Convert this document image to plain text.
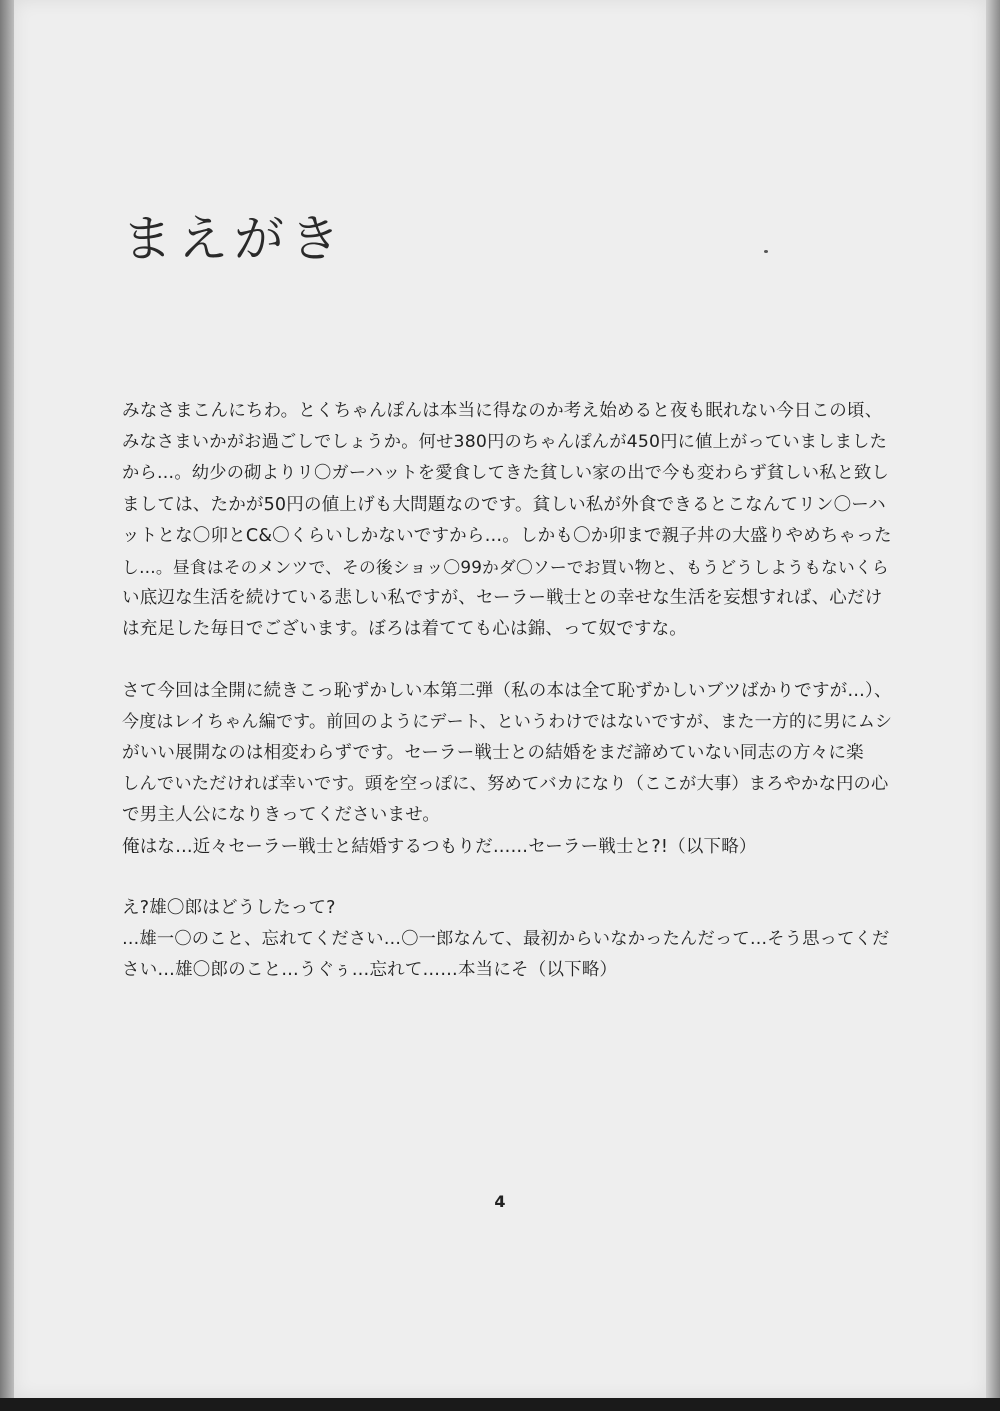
まえがき

みなさまこんにちわ。とくちゃんぽんは本当に得なのか考え始めると夜も眠れない今日この頃、
みなさまいかがお過ごしでしょうか。何せ380円のちゃんぽんが450円に値上がっていましました
から…。幼少の砌よりリ〇ガーハットを愛食してきた貧しい家の出で今も変わらず貧しい私と致し
ましては、たかが50円の値上げも大問題なのです。貧しい私が外食できるとこなんてリン〇ーハ
ットとな〇卯とC&〇くらいしかないですから…。しかも〇か卯まで親子丼の大盛りやめちゃった
し…。昼食はそのメンツで、その後ショッ〇99かダ〇ソーでお買い物と、もうどうしようもないくら
い底辺な生活を続けている悲しい私ですが、セーラー戦士との幸せな生活を妄想すれば、心だけ
は充足した毎日でございます。ぼろは着てても心は錦、って奴ですな。

さて今回は全開に続きこっ恥ずかしい本第二弾（私の本は全て恥ずかしいブツばかりですが…）、
今度はレイちゃん編です。前回のようにデート、というわけではないですが、また一方的に男にムシ
がいい展開なのは相変わらずです。セーラー戦士との結婚をまだ諦めていない同志の方々に楽
しんでいただければ幸いです。頭を空っぽに、努めてバカになり（ここが大事）まろやかな円の心
で男主人公になりきってくださいませ。
俺はな…近々セーラー戦士と結婚するつもりだ……セーラー戦士と?!（以下略）

え?雄〇郎はどうしたって?
…雄一〇のこと、忘れてください…〇一郎なんて、最初からいなかったんだって…そう思ってくだ
さい…雄〇郎のこと…うぐぅ…忘れて……本当にそ（以下略）

4
